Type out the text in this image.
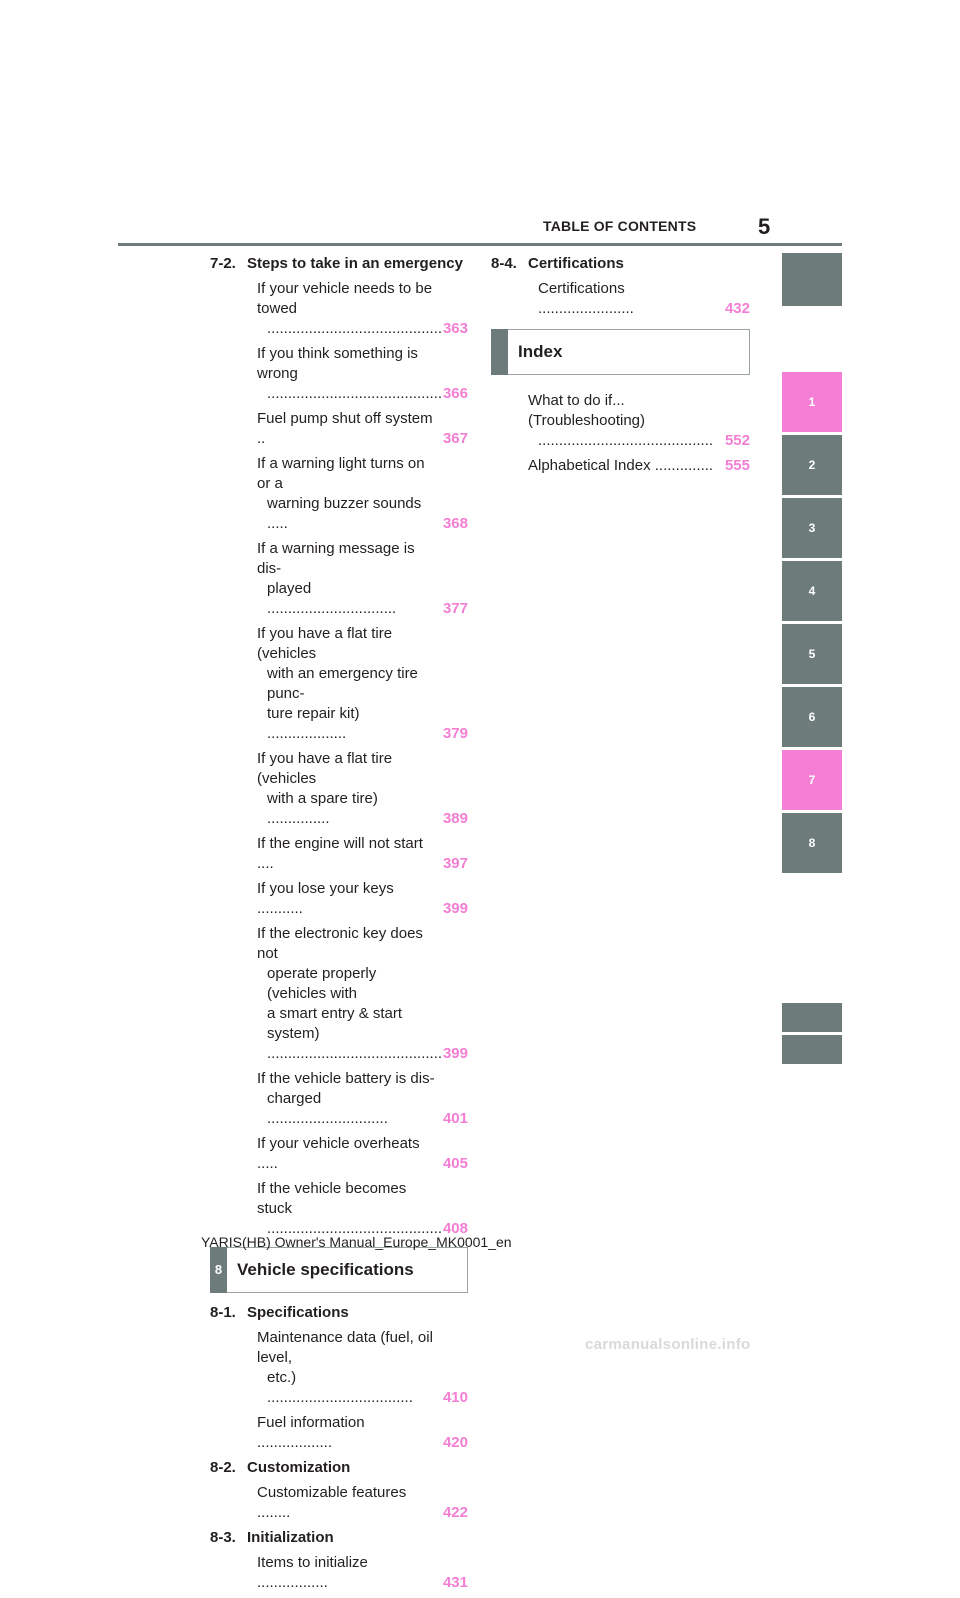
TABLE OF CONTENTS	5
7-2. Steps to take in an emergency
If your vehicle needs to be towed
.......................................... 363
If you think something is wrong
.......................................... 366
Fuel pump shut off system ..	367
If a warning light turns on or a
warning buzzer sounds .....	368
If a warning message is dis-
played ...............................	377
If you have a flat tire (vehicles
with an emergency tire punc-
ture repair kit) ...................	379
If you have a flat tire (vehicles
with a spare tire) ...............	389
If the engine will not start ....	397
If you lose your keys ...........	399
If the electronic key does not
operate properly (vehicles with
a smart entry & start system)
.......................................... 399
If the vehicle battery is dis-
charged .............................	401
If your vehicle overheats .....	405
If the vehicle becomes stuck
.......................................... 408
8 Vehicle specifications
8-1. Specifications
Maintenance data (fuel, oil level,
etc.) ...................................	410
Fuel information ..................	420
8-2. Customization
Customizable features ........	422
8-3. Initialization
Items to initialize .................	431
8-4. Certifications
Certifications .......................	432
Index
What to do if... (Troubleshooting)
.......................................... 552
Alphabetical Index .............. 555
1
2
3
4
5
6
7
8
YARIS(HB) Owner's Manual_Europe_MK0001_en
carmanualsonline.info
